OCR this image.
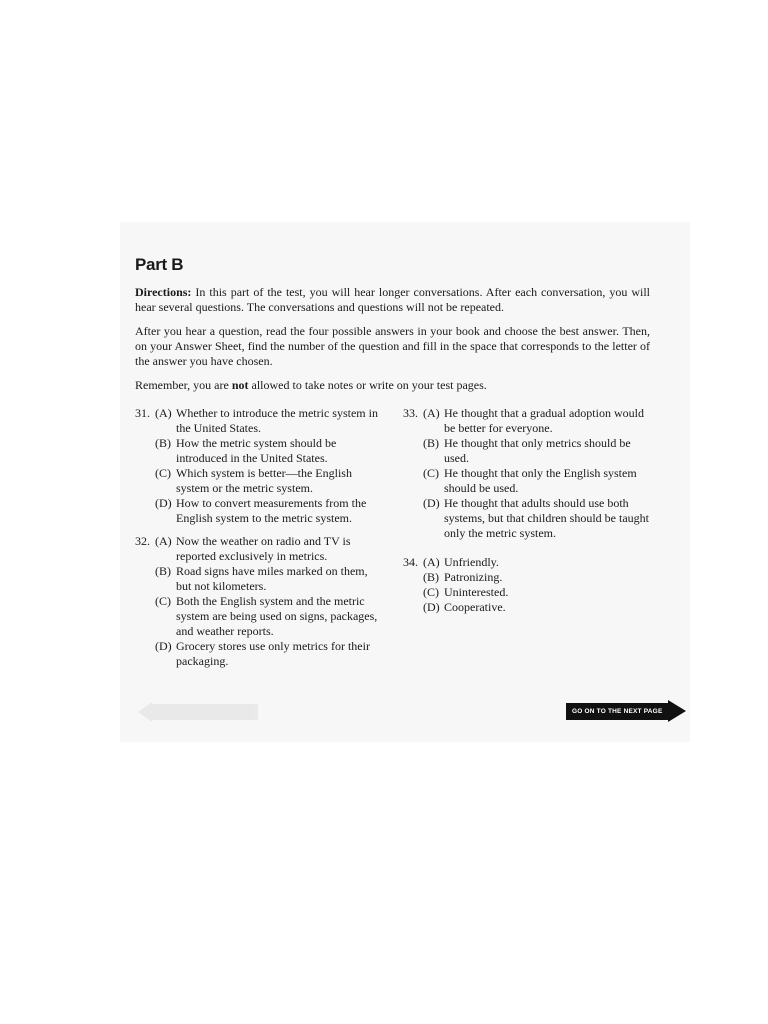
Part B

Directions: In this part of the test, you will hear longer conversations. After each conversation, you will hear several questions. The conversations and questions will not be repeated.

After you hear a question, read the four possible answers in your book and choose the best answer. Then, on your Answer Sheet, find the number of the question and fill in the space that corresponds to the letter of the answer you have chosen.

Remember, you are not allowed to take notes or write on your test pages.

31. (A) Whether to introduce the metric system in the United States.
(B) How the metric system should be introduced in the United States.
(C) Which system is better—the English system or the metric system.
(D) How to convert measurements from the English system to the metric system.
32. (A) Now the weather on radio and TV is reported exclusively in metrics.
(B) Road signs have miles marked on them, but not kilometers.
(C) Both the English system and the metric system are being used on signs, packages, and weather reports.
(D) Grocery stores use only metrics for their packaging.
33. (A) He thought that a gradual adoption would be better for everyone.
(B) He thought that only metrics should be used.
(C) He thought that only the English system should be used.
(D) He thought that adults should use both systems, but that children should be taught only the metric system.
34. (A) Unfriendly.
(B) Patronizing.
(C) Uninterested.
(D) Cooperative.
GO ON TO THE NEXT PAGE
